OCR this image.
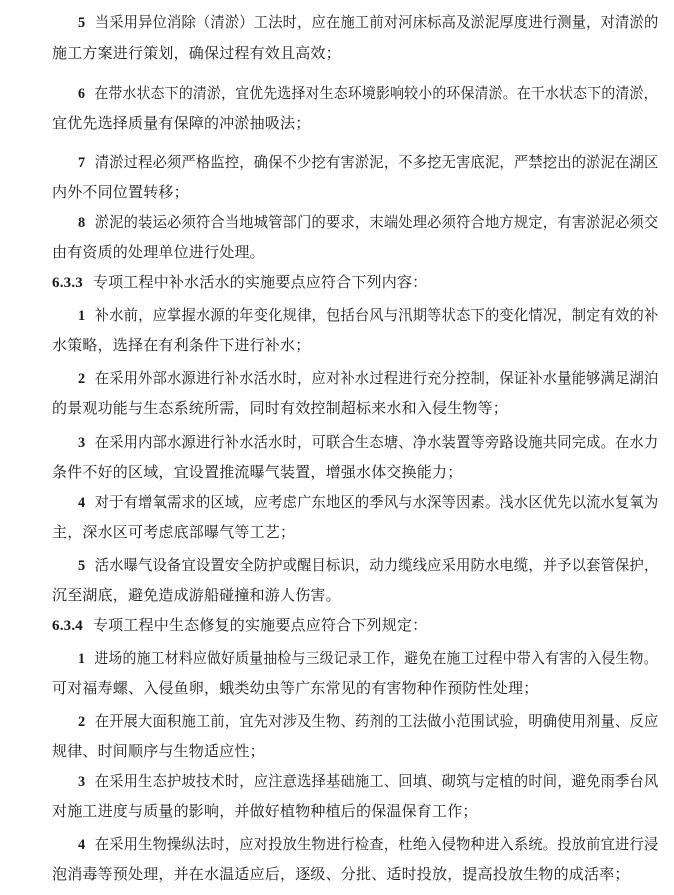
5 当采用异位消除（清淤）工法时，应在施工前对河床标高及淤泥厚度进行测量，对清淤的
施工方案进行策划，确保过程有效且高效；
6 在带水状态下的清淤，宜优先选择对生态环境影响较小的环保清淤。在干水状态下的清淤，
宜优先选择质量有保障的冲淤抽吸法；
7 清淤过程必须严格监控，确保不少挖有害淤泥，不多挖无害底泥，严禁挖出的淤泥在湖区
内外不同位置转移；
8 淤泥的装运必须符合当地城管部门的要求，末端处理必须符合地方规定，有害淤泥必须交
由有资质的处理单位进行处理。
6.3.3 专项工程中补水活水的实施要点应符合下列内容：
1 补水前，应掌握水源的年变化规律，包括台风与汛期等状态下的变化情况，制定有效的补
水策略，选择在有利条件下进行补水；
2 在采用外部水源进行补水活水时，应对补水过程进行充分控制，保证补水量能够满足湖泊
的景观功能与生态系统所需，同时有效控制超标来水和入侵生物等；
3 在采用内部水源进行补水活水时，可联合生态塘、净水装置等旁路设施共同完成。在水力
条件不好的区域，宜设置推流曝气装置，增强水体交换能力；
4 对于有增氧需求的区域，应考虑广东地区的季风与水深等因素。浅水区优先以流水复氧为
主，深水区可考虑底部曝气等工艺；
5 活水曝气设备宜设置安全防护或醒目标识，动力缆线应采用防水电缆，并予以套管保护，
沉至湖底，避免造成游船碰撞和游人伤害。
6.3.4 专项工程中生态修复的实施要点应符合下列规定：
1 进场的施工材料应做好质量抽检与三级记录工作，避免在施工过程中带入有害的入侵生物。
可对福寿螺、入侵鱼卵，蛾类幼虫等广东常见的有害物种作预防性处理；
2 在开展大面积施工前，宜先对涉及生物、药剂的工法做小范围试验，明确使用剂量、反应
规律、时间顺序与生物适应性；
3 在采用生态护坡技术时，应注意选择基础施工、回填、砌筑与定植的时间，避免雨季台风
对施工进度与质量的影响，并做好植物种植后的保温保育工作；
4 在采用生物操纵法时，应对投放生物进行检查，杜绝入侵物种进入系统。投放前宜进行浸
泡消毒等预处理，并在水温适应后，逐级、分批、适时投放，提高投放生物的成活率；
